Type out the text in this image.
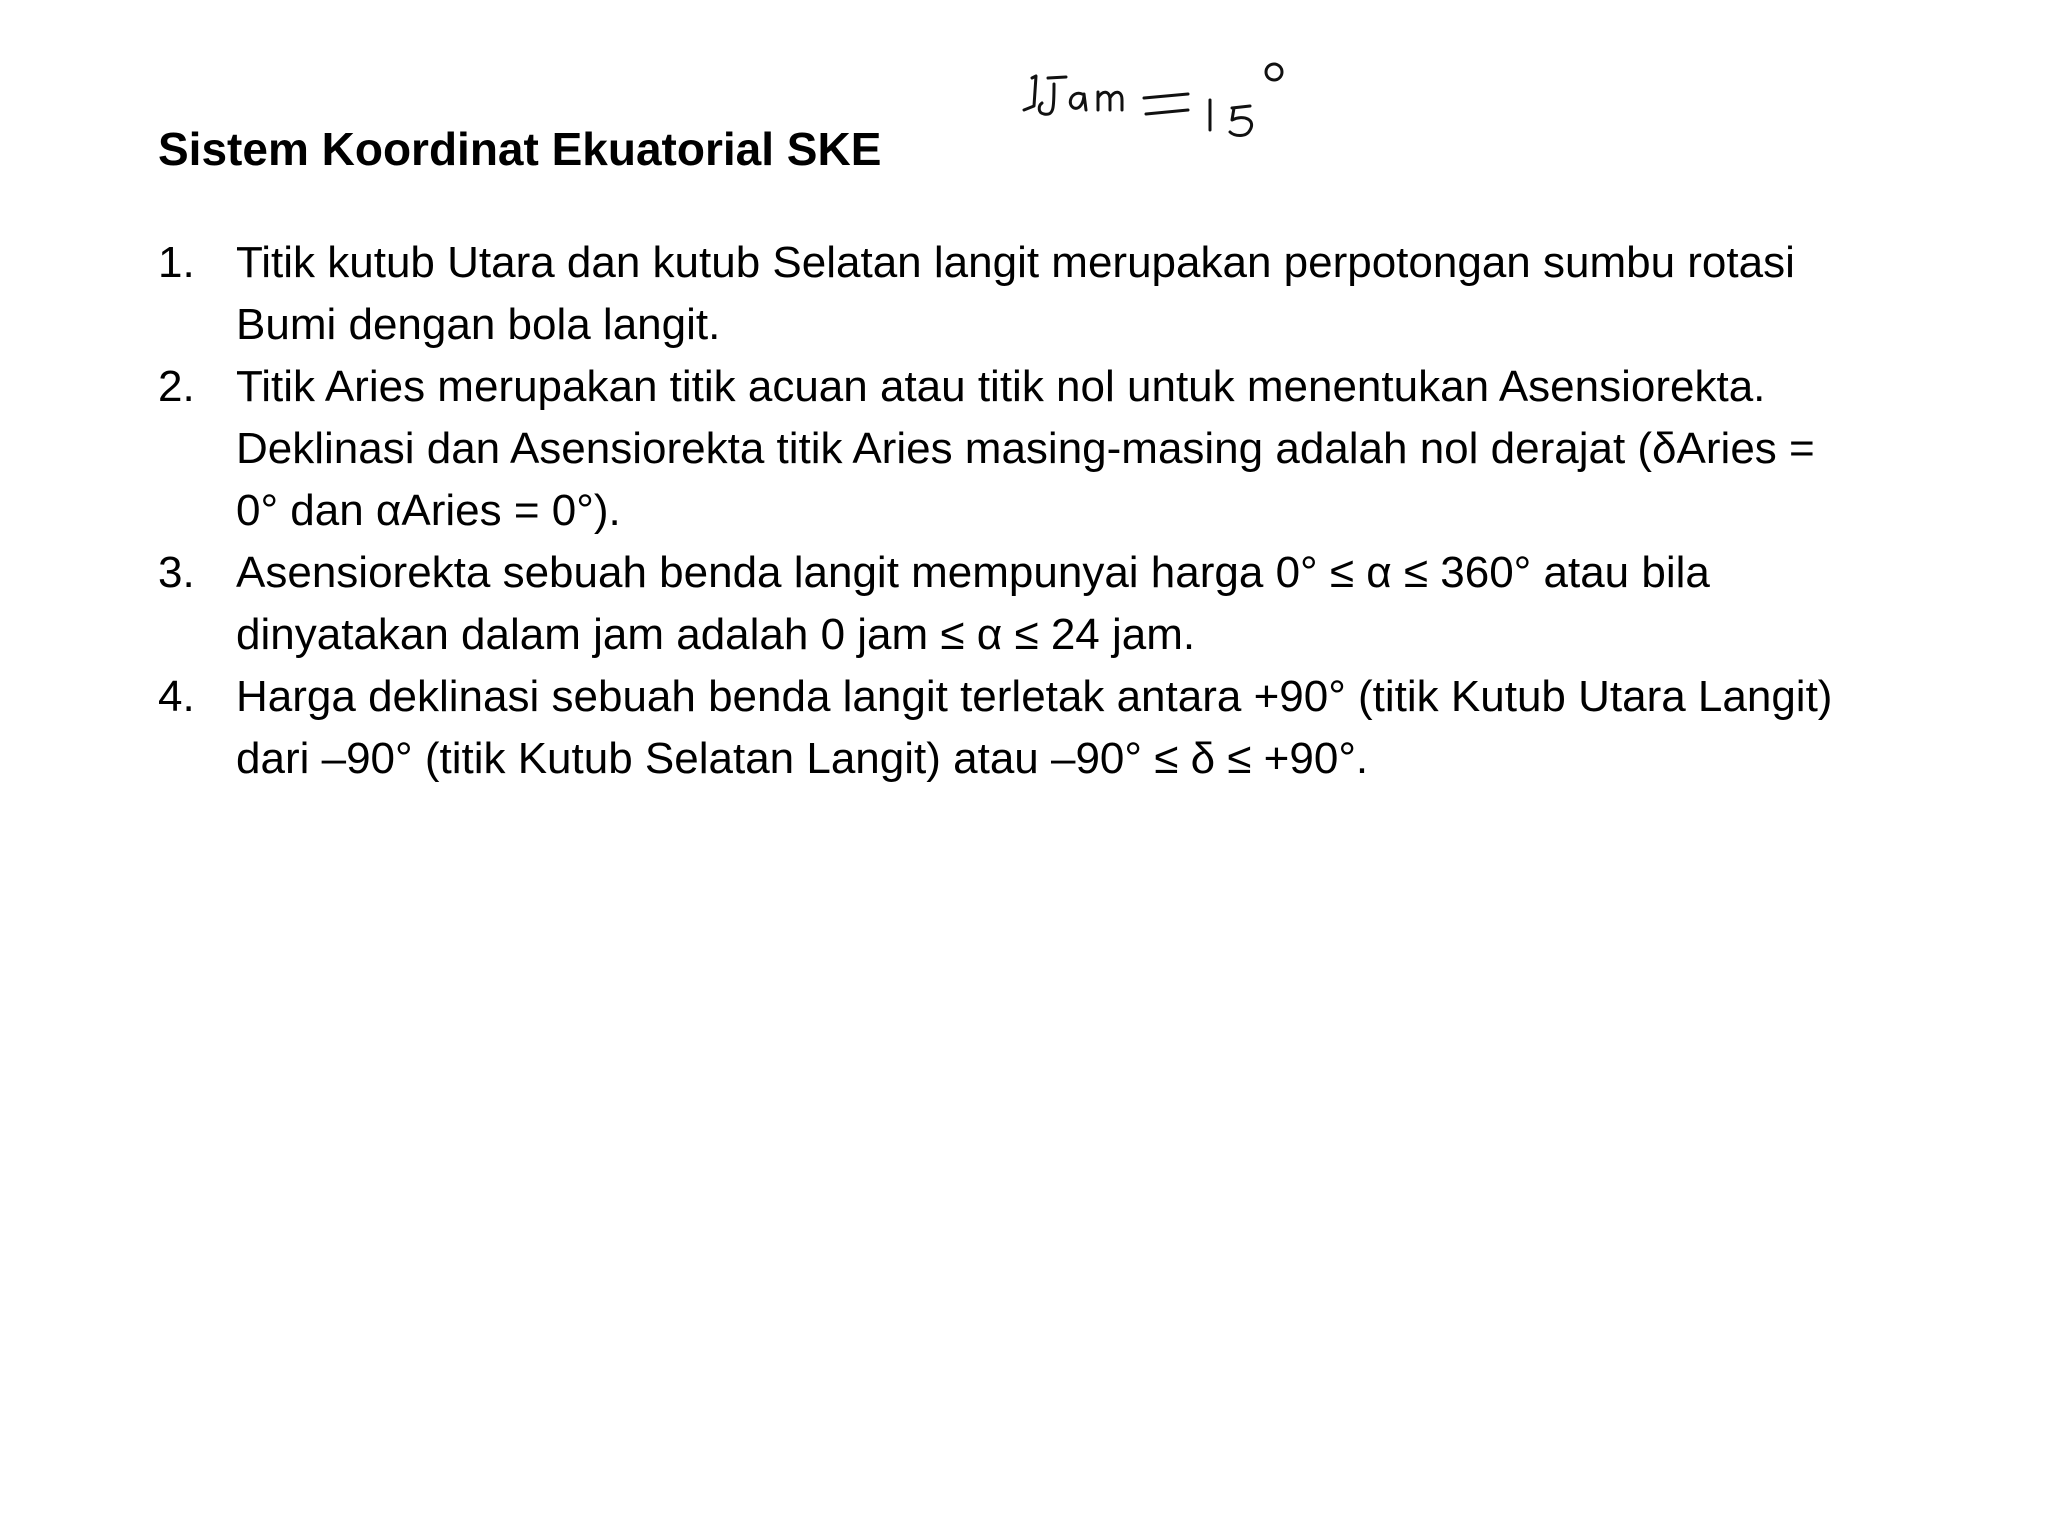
Sistem Koordinat Ekuatorial SKE
1. Titik kutub Utara dan kutub Selatan langit merupakan perpotongan sumbu rotasi
Bumi dengan bola langit.
2. Titik Aries merupakan titik acuan atau titik nol untuk menentukan Asensiorekta.
Deklinasi dan Asensiorekta titik Aries masing-masing adalah nol derajat (δAries =
0° dan αAries = 0°).
3. Asensiorekta sebuah benda langit mempunyai harga 0° ≤ α ≤ 360° atau bila
dinyatakan dalam jam adalah 0 jam ≤ α ≤ 24 jam.
4. Harga deklinasi sebuah benda langit terletak antara +90° (titik Kutub Utara Langit)
dari –90° (titik Kutub Selatan Langit) atau –90° ≤ δ ≤ +90°.
